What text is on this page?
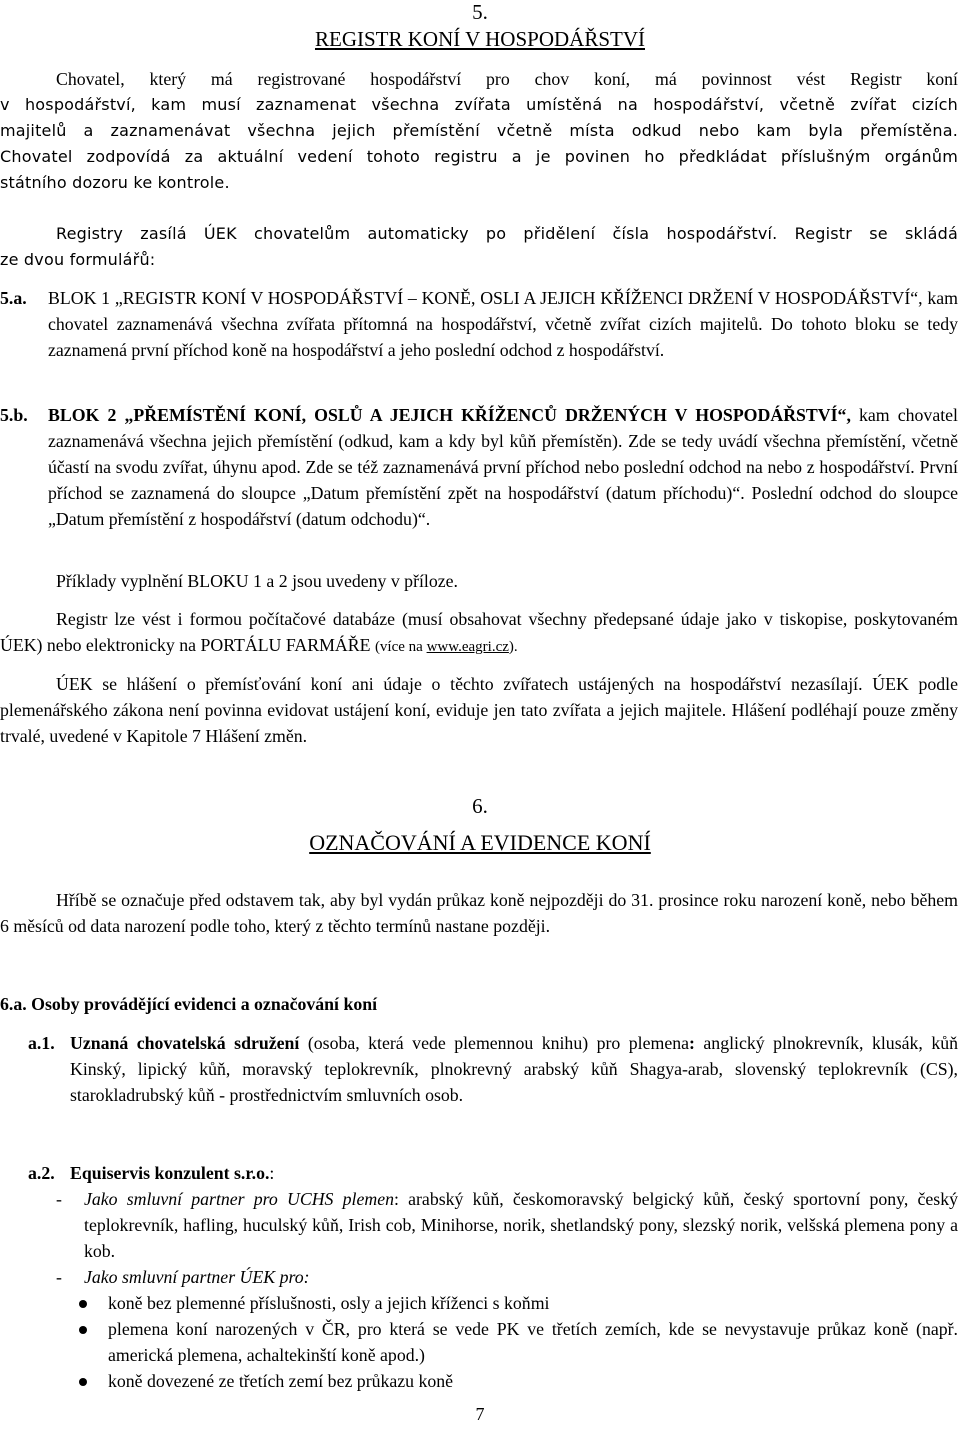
5.
REGISTR KONÍ V HOSPODÁŘSTVÍ
Chovatel, který má registrované hospodářství pro chov koní, má povinnost vést Registr koní
v hospodářství, kam musí zaznamenat všechna zvířata umístěná na hospodářství, včetně zvířat cizích
majitelů a zaznamenávat všechna jejich přemístění včetně místa odkud nebo kam byla přemístěna.
Chovatel zodpovídá za aktuální vedení tohoto registru a je povinen ho předkládat příslušným orgánům
státního dozoru ke kontrole.
Registry zasílá ÚEK chovatelům automaticky po přidělení čísla hospodářství. Registr se skládá
ze dvou formulářů:
5.a. BLOK 1 „REGISTR KONÍ V HOSPODÁŘSTVÍ – KONĚ, OSLI A JEJICH KŘÍŽENCI DRŽENÍ V HOSPODÁŘSTVÍ“, kam chovatel zaznamenává všechna zvířata přítomná na hospodářství, včetně zvířat cizích majitelů. Do tohoto bloku se tedy zaznamená první příchod koně na hospodářství a jeho poslední odchod z hospodářství.
5.b. BLOK 2 „PŘEMÍSTĚNÍ KONÍ, OSLŮ A JEJICH KŘÍŽENCŮ DRŽENÝCH V HOSPODÁŘSTVÍ“, kam chovatel zaznamenává všechna jejich přemístění (odkud, kam a kdy byl kůň přemístěn). Zde se tedy uvádí všechna přemístění, včetně účastí na svodu zvířat, úhynu apod. Zde se též zaznamenává první příchod nebo poslední odchod na nebo z hospodářství. První příchod se zaznamená do sloupce „Datum přemístění zpět na hospodářství (datum příchodu)“. Poslední odchod do sloupce „Datum přemístění z hospodářství (datum odchodu)“.
Příklady vyplnění BLOKU 1 a 2 jsou uvedeny v příloze.
Registr lze vést i formou počítačové databáze (musí obsahovat všechny předepsané údaje jako v tiskopise, poskytovaném ÚEK) nebo elektronicky na PORTÁLU FARMÁŘE (více na www.eagri.cz).
ÚEK se hlášení o přemísťování koní ani údaje o těchto zvířatech ustájených na hospodářství nezasílají. ÚEK podle plemenářského zákona není povinna evidovat ustájení koní, eviduje jen tato zvířata a jejich majitele. Hlášení podléhají pouze změny trvalé, uvedené v Kapitole 7 Hlášení změn.
6.
OZNAČOVÁNÍ A EVIDENCE KONÍ
Hříbě se označuje před odstavem tak, aby byl vydán průkaz koně nejpozději do 31. prosince roku narození koně, nebo během 6 měsíců od data narození podle toho, který z těchto termínů nastane později.
6.a. Osoby provádějící evidenci a označování koní
a.1. Uznaná chovatelská sdružení (osoba, která vede plemennou knihu) pro plemena: anglický plnokrevník, klusák, kůň Kinský, lipický kůň, moravský teplokrevník, plnokrevný arabský kůň Shagya-arab, slovenský teplokrevník (CS), starokladrubský kůň - prostřednictvím smluvních osob.
a.2. Equiservis konzulent s.r.o.:
- Jako smluvní partner pro UCHS plemen: arabský kůň, českomoravský belgický kůň, český sportovní pony, český teplokrevník, hafling, huculský kůň, Irish cob, Minihorse, norik, shetlandský pony, slezský norik, velšská plemena pony a kob.
- Jako smluvní partner ÚEK pro:
koně bez plemenné příslušnosti, osly a jejich kříženci s koňmi
plemena koní narozených v ČR, pro která se vede PK ve třetích zemích, kde se nevystavuje průkaz koně (např. americká plemena, achaltekinští koně apod.)
koně dovezené ze třetích zemí bez průkazu koně
7
